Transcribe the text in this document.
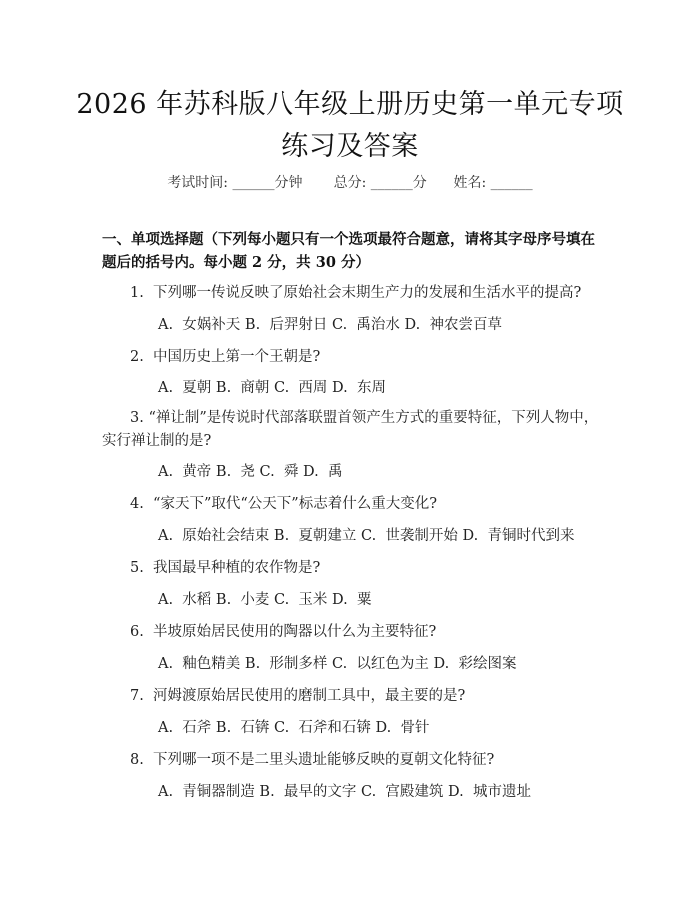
2026 年苏科版八年级上册历史第一单元专项
练习及答案
考试时间: ______分钟       总分: ______分      姓名: ______
一、单项选择题（下列每小题只有一个选项最符合题意，请将其字母序号填在题后的括号内。每小题 2 分，共 30 分）
1.  下列哪一传说反映了原始社会末期生产力的发展和生活水平的提高?
A.  女娲补天 B.  后羿射日 C.  禹治水 D.  神农尝百草
2.  中国历史上第一个王朝是?
A.  夏朝 B.  商朝 C.  西周 D.  东周
3. “禅让制”是传说时代部落联盟首领产生方式的重要特征，下列人物中，实行禅让制的是?
A.  黄帝 B.  尧 C.  舜 D.  禹
4.  “家天下”取代“公天下”标志着什么重大变化?
A.  原始社会结束 B.  夏朝建立 C.  世袭制开始 D.  青铜时代到来
5.  我国最早种植的农作物是?
A.  水稻 B.  小麦 C.  玉米 D.  粟
6.  半坡原始居民使用的陶器以什么为主要特征?
A.  釉色精美 B.  形制多样 C.  以红色为主 D.  彩绘图案
7.  河姆渡原始居民使用的磨制工具中，最主要的是?
A.  石斧 B.  石锛 C.  石斧和石锛 D.  骨针
8.  下列哪一项不是二里头遗址能够反映的夏朝文化特征?
A.  青铜器制造 B.  最早的文字 C.  宫殿建筑 D.  城市遗址
